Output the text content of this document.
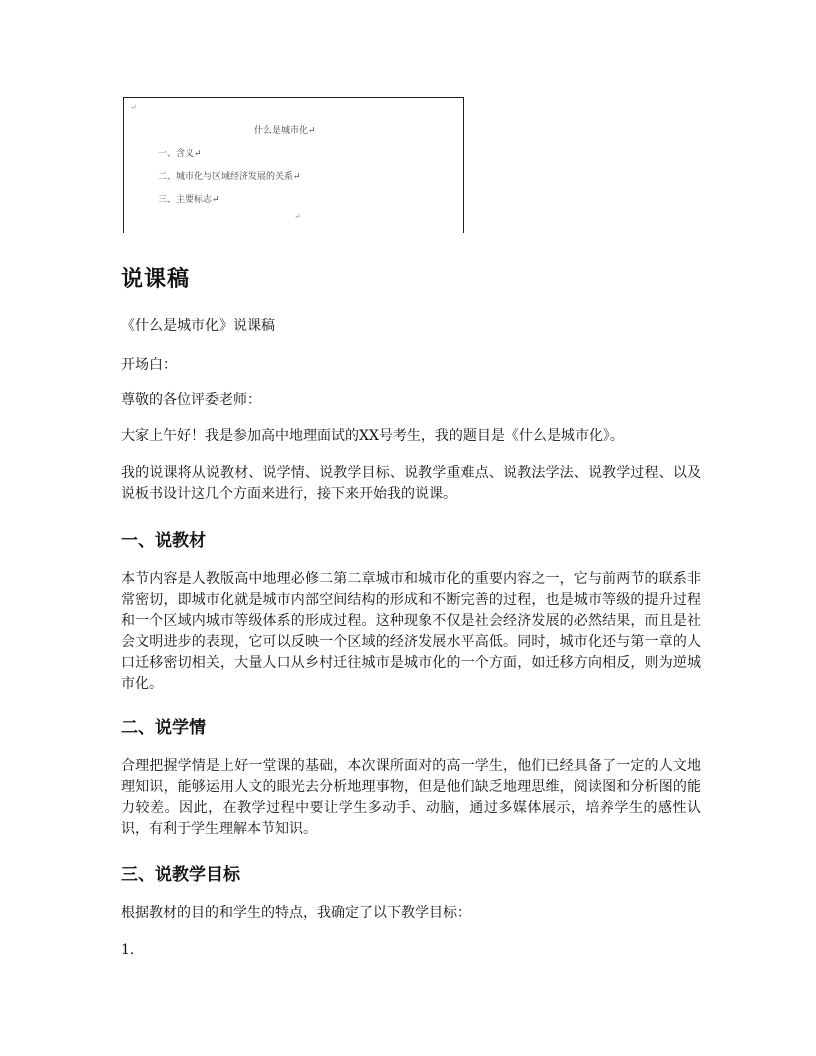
↵
什么是城市化↵
一、含义↵
二、城市化与区域经济发展的关系↵
三、主要标志↵
↵
说课稿

《什么是城市化》说课稿

开场白：

尊敬的各位评委老师：

大家上午好！我是参加高中地理面试的XX号考生，我的题目是《什么是城市化》。

我的说课将从说教材、说学情、说教学目标、说教学重难点、说教法学法、说教学过程、以及说板书设计这几个方面来进行，接下来开始我的说课。

一、说教材

本节内容是人教版高中地理必修二第二章城市和城市化的重要内容之一，它与前两节的联系非常密切，即城市化就是城市内部空间结构的形成和不断完善的过程，也是城市等级的提升过程和一个区域内城市等级体系的形成过程。这种现象不仅是社会经济发展的必然结果，而且是社会文明进步的表现，它可以反映一个区域的经济发展水平高低。同时，城市化还与第一章的人口迁移密切相关，大量人口从乡村迁往城市是城市化的一个方面，如迁移方向相反，则为逆城市化。

二、说学情

合理把握学情是上好一堂课的基础，本次课所面对的高一学生，他们已经具备了一定的人文地理知识，能够运用人文的眼光去分析地理事物，但是他们缺乏地理思维，阅读图和分析图的能力较差。因此，在教学过程中要让学生多动手、动脑，通过多媒体展示，培养学生的感性认识，有利于学生理解本节知识。

三、说教学目标

根据教材的目的和学生的特点，我确定了以下教学目标：

1.
